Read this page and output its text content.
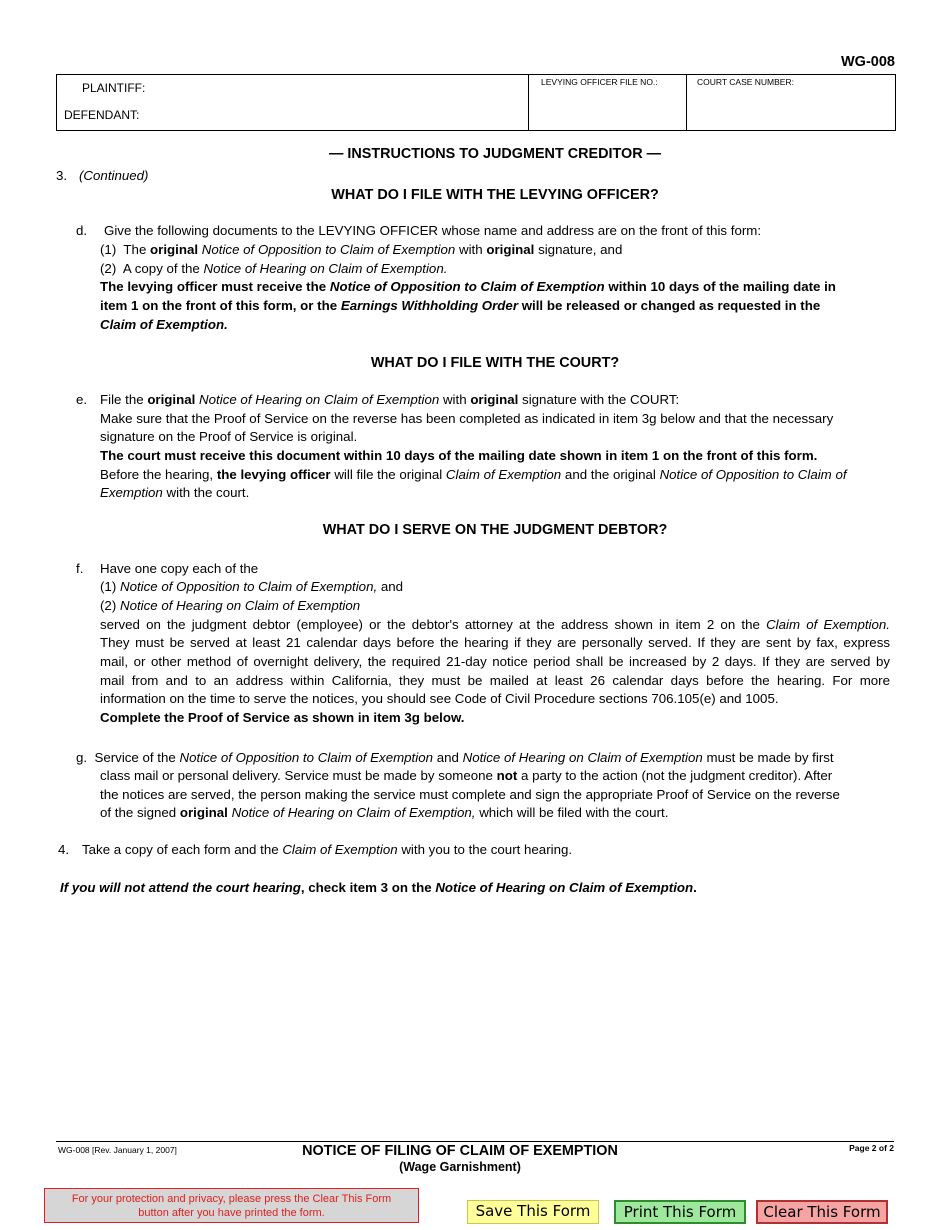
WG-008
PLAINTIFF:
DEFENDANT:
LEVYING OFFICER FILE NO.:	COURT CASE NUMBER:
— INSTRUCTIONS TO JUDGMENT CREDITOR —
3. (Continued)
WHAT DO I FILE WITH THE LEVYING OFFICER?
d. Give the following documents to the LEVYING OFFICER whose name and address are on the front of this form:
(1) The original Notice of Opposition to Claim of Exemption with original signature, and
(2) A copy of the Notice of Hearing on Claim of Exemption.
The levying officer must receive the Notice of Opposition to Claim of Exemption within 10 days of the mailing date in
item 1 on the front of this form, or the Earnings Withholding Order will be released or changed as requested in the
Claim of Exemption.
WHAT DO I FILE WITH THE COURT?
e. File the original Notice of Hearing on Claim of Exemption with original signature with the COURT:
Make sure that the Proof of Service on the reverse has been completed as indicated in item 3g below and that the necessary
signature on the Proof of Service is original.
The court must receive this document within 10 days of the mailing date shown in item 1 on the front of this form.
Before the hearing, the levying officer will file the original Claim of Exemption and the original Notice of Opposition to Claim of
Exemption with the court.
WHAT DO I SERVE ON THE JUDGMENT DEBTOR?
f. Have one copy each of the
(1) Notice of Opposition to Claim of Exemption, and
(2) Notice of Hearing on Claim of Exemption
served on the judgment debtor (employee) or the debtor's attorney at the address shown in item 2 on the Claim of Exemption.
They must be served at least 21 calendar days before the hearing if they are personally served. If they are sent by fax, express
mail, or other method of overnight delivery, the required 21-day notice period shall be increased by 2 days. If they are served by
mail from and to an address within California, they must be mailed at least 26 calendar days before the hearing. For more
information on the time to serve the notices, you should see Code of Civil Procedure sections 706.105(e) and 1005.
Complete the Proof of Service as shown in item 3g below.
g. Service of the Notice of Opposition to Claim of Exemption and Notice of Hearing on Claim of Exemption must be made by first
class mail or personal delivery. Service must be made by someone not a party to the action (not the judgment creditor). After
the notices are served, the person making the service must complete and sign the appropriate Proof of Service on the reverse
of the signed original Notice of Hearing on Claim of Exemption, which will be filed with the court.
4. Take a copy of each form and the Claim of Exemption with you to the court hearing.
If you will not attend the court hearing, check item 3 on the Notice of Hearing on Claim of Exemption.
WG-008 [Rev. January 1, 2007]	NOTICE OF FILING OF CLAIM OF EXEMPTION
(Wage Garnishment)
Page 2 of 2
For your protection and privacy, please press the Clear This Form
button after you have printed the form.	Save This Form	Print This Form	Clear This Form
